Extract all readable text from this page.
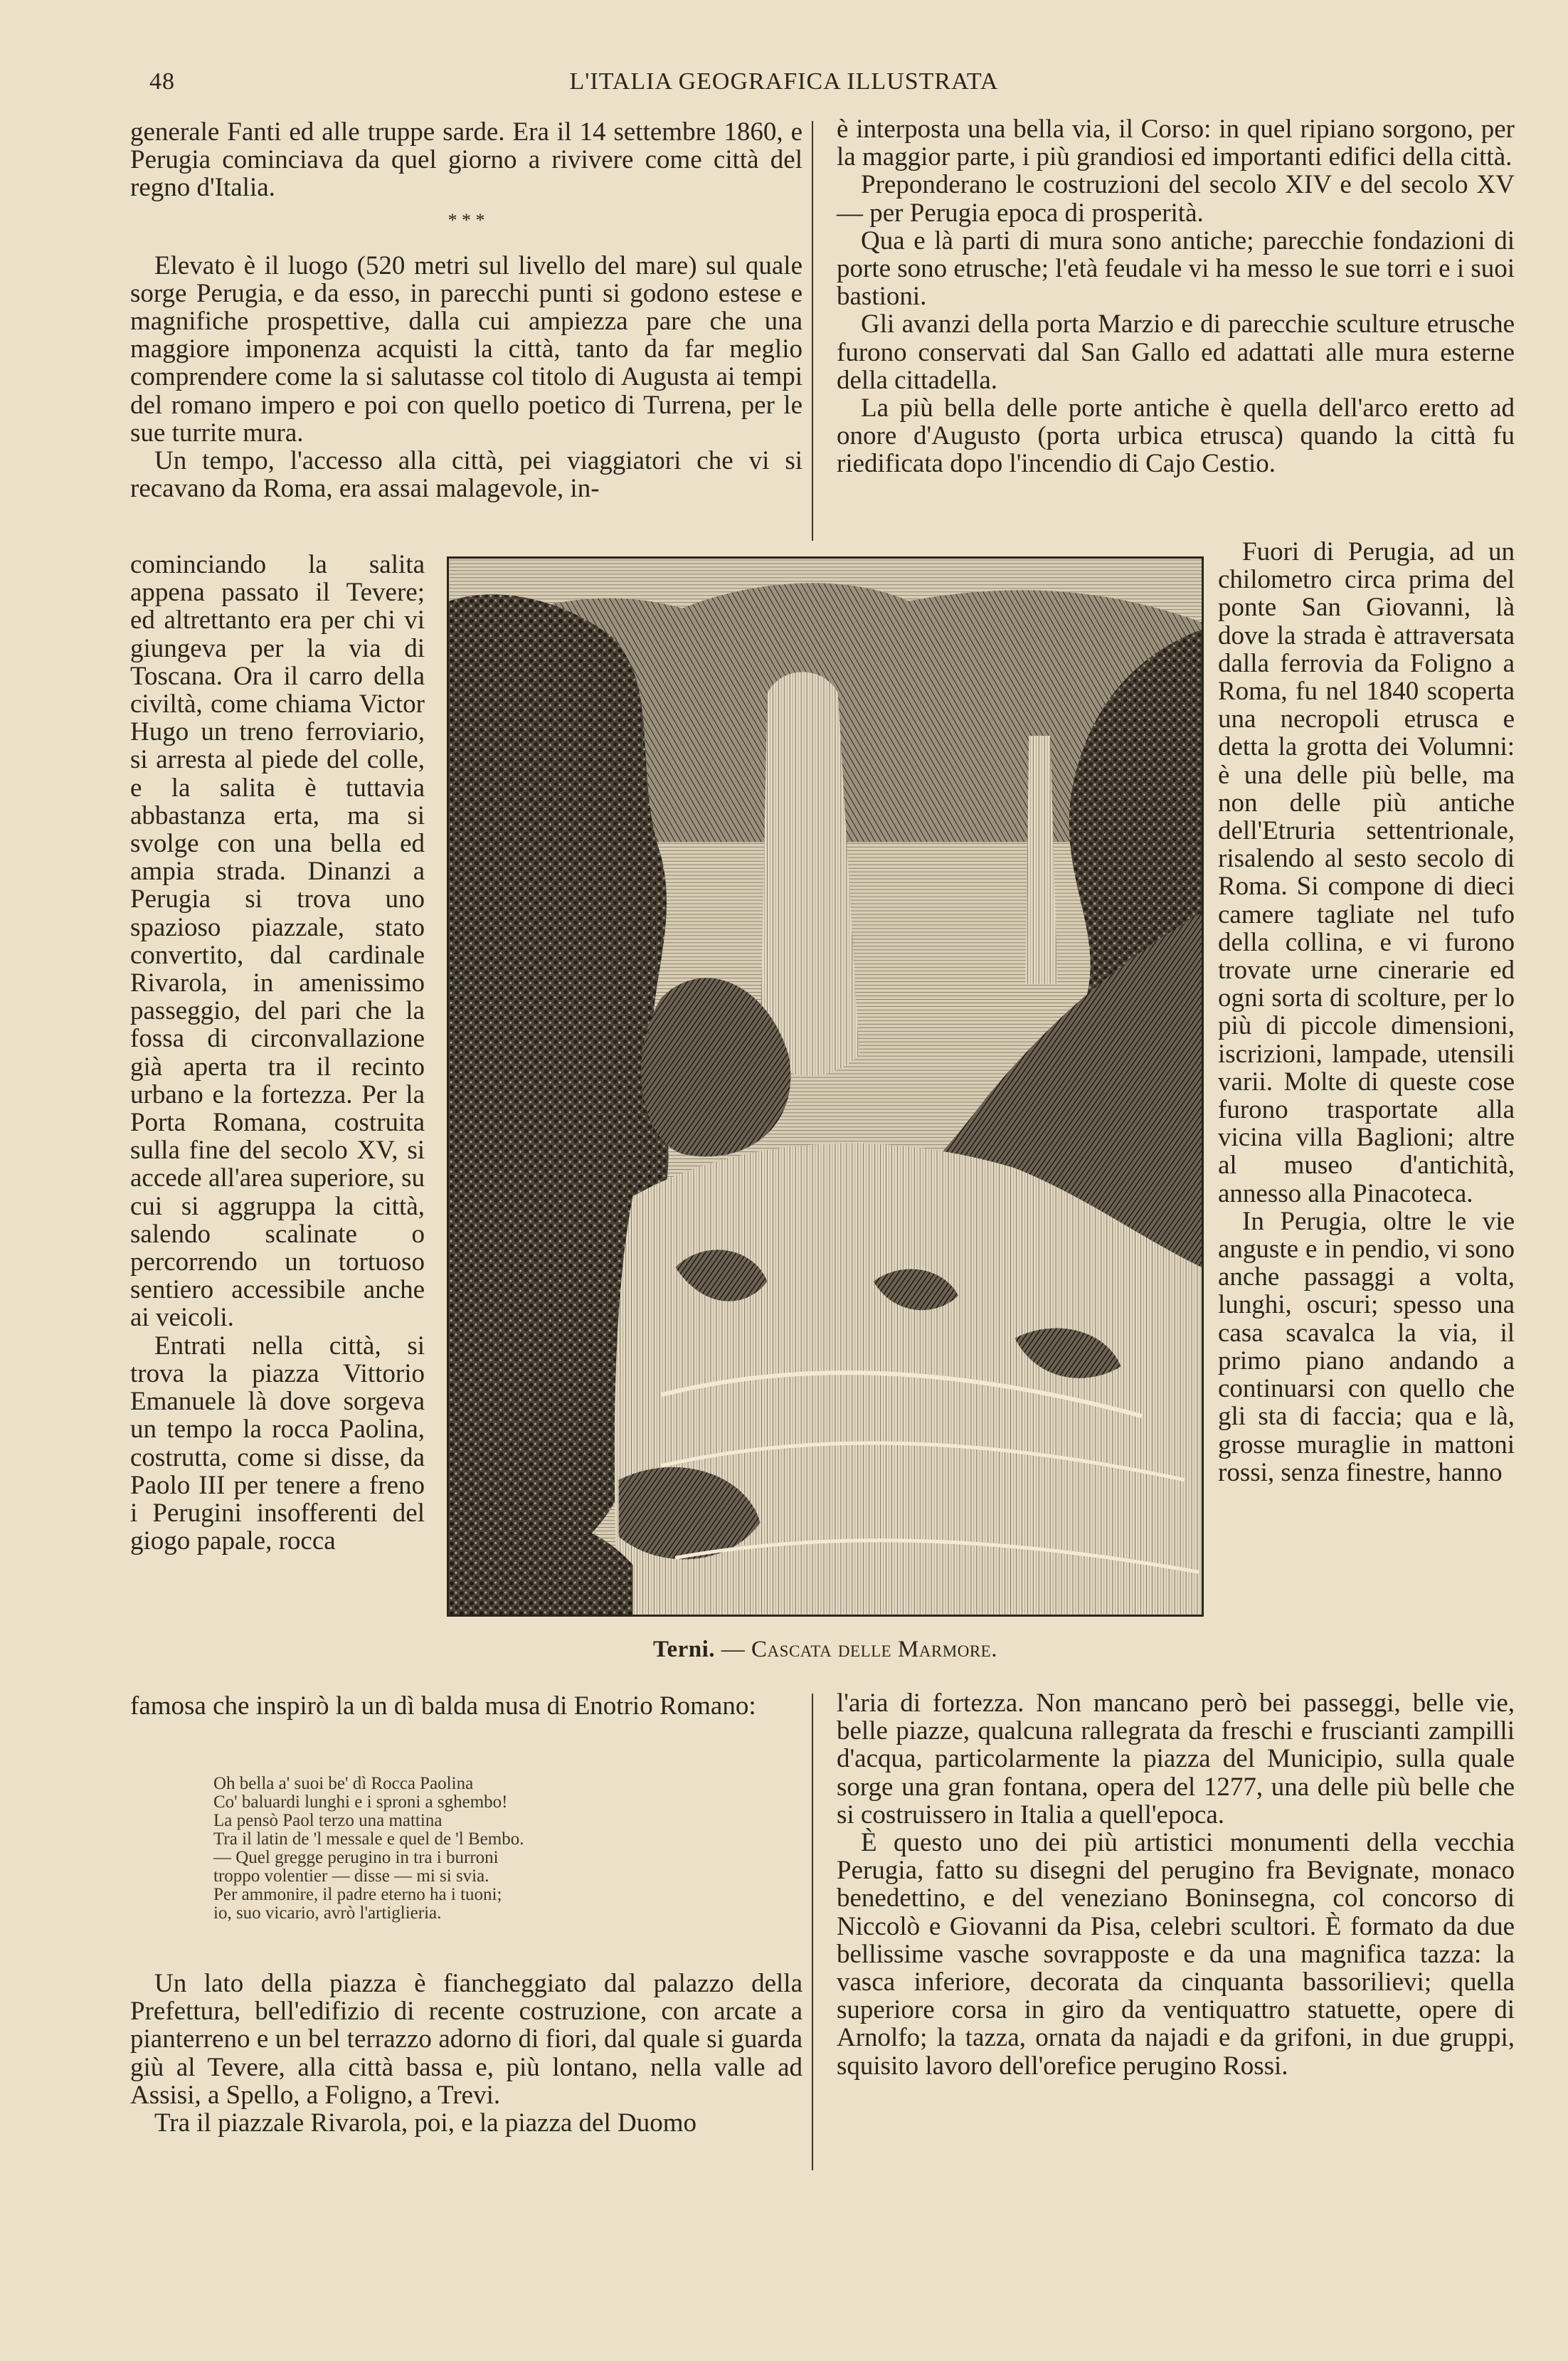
48	L'ITALIA GEOGRAFICA ILLUSTRATA

generale Fanti ed alle truppe sarde. Era il 14 settembre 1860, e Perugia cominciava da quel giorno a rivivere come città del regno d'Italia.

* * *

Elevato è il luogo (520 metri sul livello del mare) sul quale sorge Perugia, e da esso, in parecchi punti si godono estese e magnifiche prospettive, dalla cui ampiezza pare che una maggiore imponenza acquisti la città, tanto da far meglio comprendere come la si salutasse col titolo di Augusta ai tempi del romano impero e poi con quello poetico di Turrena, per le sue turrite mura.

Un tempo, l'accesso alla città, pei viaggiatori che vi si recavano da Roma, era assai malagevole, in-

cominciando la salita appena passato il Tevere; ed altrettanto era per chi vi giungeva per la via di Toscana. Ora il carro della civiltà, come chiama Victor Hugo un treno ferroviario, si arresta al piede del colle, e la salita è tuttavia abbastanza erta, ma si svolge con una bella ed ampia strada. Dinanzi a Perugia si trova uno spazioso piazzale, stato convertito, dal cardinale Rivarola, in amenissimo passeggio, del pari che la fossa di circonvallazione già aperta tra il recinto urbano e la fortezza. Per la Porta Romana, costruita sulla fine del secolo XV, si accede all'area superiore, su cui si aggruppa la città, salendo scalinate o percorrendo un tortuoso sentiero accessibile anche ai veicoli.

Entrati nella città, si trova la piazza Vittorio Emanuele là dove sorgeva un tempo la rocca Paolina, costrutta, come si disse, da Paolo III per tenere a freno i Perugini insofferenti del giogo papale, rocca

famosa che inspirò la un dì balda musa di Enotrio Romano:

Oh bella a' suoi be' dì Rocca Paolina
Co' baluardi lunghi e i sproni a sghembo!
La pensò Paol terzo una mattina
Tra il latin de 'l messale e quel de 'l Bembo.
— Quel gregge perugino in tra i burroni
troppo volentier — disse — mi si svia.
Per ammonire, il padre eterno ha i tuoni;
io, suo vicario, avrò l'artiglieria.

Un lato della piazza è fiancheggiato dal palazzo della Prefettura, bell'edifizio di recente costruzione, con arcate a pianterreno e un bel terrazzo adorno di fiori, dal quale si guarda giù al Tevere, alla città bassa e, più lontano, nella valle ad Assisi, a Spello, a Foligno, a Trevi.

Tra il piazzale Rivarola, poi, e la piazza del Duomo

è interposta una bella via, il Corso: in quel ripiano sorgono, per la maggior parte, i più grandiosi ed importanti edifici della città.

Preponderano le costruzioni del secolo XIV e del secolo XV — per Perugia epoca di prosperità.

Qua e là parti di mura sono antiche; parecchie fondazioni di porte sono etrusche; l'età feudale vi ha messo le sue torri e i suoi bastioni.

Gli avanzi della porta Marzio e di parecchie sculture etrusche furono conservati dal San Gallo ed adattati alle mura esterne della cittadella.

La più bella delle porte antiche è quella dell'arco eretto ad onore d'Augusto (porta urbica etrusca) quando la città fu riedificata dopo l'incendio di Cajo Cestio.

Fuori di Perugia, ad un chilometro circa prima del ponte San Giovanni, là dove la strada è attraversata dalla ferrovia da Foligno a Roma, fu nel 1840 scoperta una necropoli etrusca e detta la grotta dei Volumni: è una delle più belle, ma non delle più antiche dell'Etruria settentrionale, risalendo al sesto secolo di Roma. Si compone di dieci camere tagliate nel tufo della collina, e vi furono trovate urne cinerarie ed ogni sorta di scolture, per lo più di piccole dimensioni, iscrizioni, lampade, utensili varii. Molte di queste cose furono trasportate alla vicina villa Baglioni; altre al museo d'antichità, annesso alla Pinacoteca.

In Perugia, oltre le vie anguste e in pendio, vi sono anche passaggi a volta, lunghi, oscuri; spesso una casa scavalca la via, il primo piano andando a continuarsi con quello che gli sta di faccia; qua e là, grosse muraglie in mattoni rossi, senza finestre, hanno

l'aria di fortezza. Non mancano però bei passeggi, belle vie, belle piazze, qualcuna rallegrata da freschi e fruscianti zampilli d'acqua, particolarmente la piazza del Municipio, sulla quale sorge una gran fontana, opera del 1277, una delle più belle che si costruissero in Italia a quell'epoca.

È questo uno dei più artistici monumenti della vecchia Perugia, fatto su disegni del perugino fra Bevignate, monaco benedettino, e del veneziano Boninsegna, col concorso di Niccolò e Giovanni da Pisa, celebri scultori. È formato da due bellissime vasche sovrapposte e da una magnifica tazza: la vasca inferiore, decorata da cinquanta bassorilievi; quella superiore corsa in giro da ventiquattro statuette, opere di Arnolfo; la tazza, ornata da najadi e da grifoni, in due gruppi, squisito lavoro dell'orefice perugino Rossi.

Terni. — Cascata delle Marmore.
